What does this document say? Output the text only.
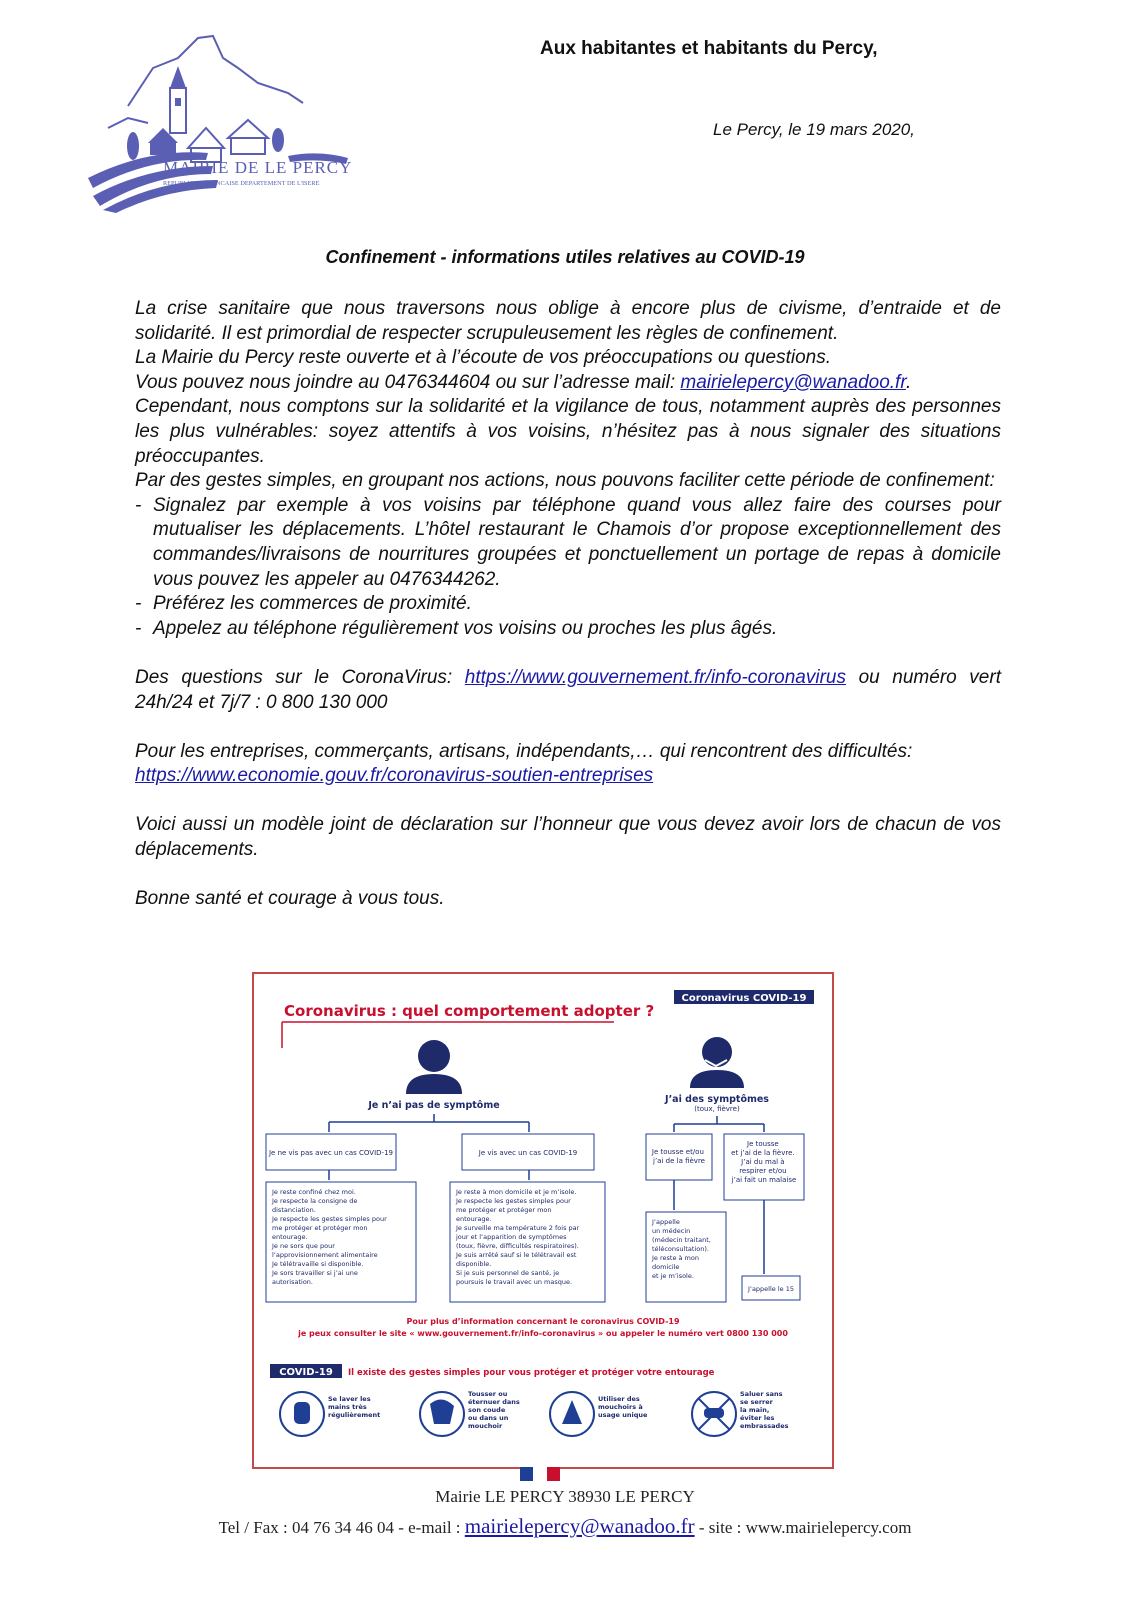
MAIRIE DE LE PERCY
REPUBLIQUE FRANCAISE DEPARTEMENT DE L'ISERE
Aux habitantes et habitants du Percy,
Le Percy, le 19 mars 2020,
Confinement - informations utiles relatives au COVID-19

La crise sanitaire que nous traversons nous oblige à encore plus de civisme, d’entraide et de solidarité. Il est primordial de respecter scrupuleusement les règles de confinement.

La Mairie du Percy reste ouverte et à l’écoute de vos préoccupations ou questions.

Vous pouvez nous joindre au 0476344604 ou sur l’adresse mail: mairielepercy@wanadoo.fr.

Cependant, nous comptons sur la solidarité et la vigilance de tous, notamment auprès des personnes les plus vulnérables: soyez attentifs à vos voisins, n’hésitez pas à nous signaler des situations préoccupantes.

Par des gestes simples, en groupant nos actions, nous pouvons faciliter cette période de confinement:

- Signalez par exemple à vos voisins par téléphone quand vous allez faire des courses pour mutualiser les déplacements. L’hôtel restaurant le Chamois d’or propose exceptionnellement des commandes/livraisons de nourritures groupées et ponctuellement un portage de repas à domicile vous pouvez les appeler au 0476344262.
- Préférez les commerces de proximité.
- Appelez au téléphone régulièrement vos voisins ou proches les plus âgés.

Des questions sur le CoronaVirus: https://www.gouvernement.fr/info-coronavirus ou numéro vert 24h/24 et 7j/7 : 0 800 130 000

Pour les entreprises, commerçants, artisans, indépendants,… qui rencontrent des difficultés:

https://www.economie.gouv.fr/coronavirus-soutien-entreprises

Voici aussi un modèle joint de déclaration sur l’honneur que vous devez avoir lors de chacun de vos déplacements.

Bonne santé et courage à vous tous.

Coronavirus COVID-19
Coronavirus : quel comportement adopter ?
Je n’ai pas de symptôme
J’ai des symptômes
(toux, fièvre)
Je ne vis pas avec un cas COVID-19	Je vis avec un cas COVID-19	Je tousse et/ou j’ai de la fièvre
Je tousse et j’ai de la fièvre. J’ai du mal à respirer et/ou j’ai fait un malaise
Je reste confiné chez moi. Je respecte la consigne de distanciation. Je respecte les gestes simples pour me protéger et protéger mon entourage. Je ne sors que pour l’approvisionnement alimentaire Je télétravaille si disponible. Je sors travailler si j’ai une autorisation.
Je reste à mon domicile et je m’isole. Je respecte les gestes simples pour me protéger et protéger mon entourage. Je surveille ma température 2 fois par jour et l’apparition de symptômes (toux, fièvre, difficultés respiratoires). Je suis arrêté sauf si le télétravail est disponible. Si je suis personnel de santé, je poursuis le travail avec un masque.
J’appelle un médecin (médecin traitant, téléconsultation). Je reste à mon domicile et je m’isole.
J’appelle le 15
Pour plus d’information concernant le coronavirus COVID-19
je peux consulter le site « www.gouvernement.fr/info-coronavirus » ou appeler le numéro vert 0800 130 000
COVID-19 Il existe des gestes simples pour vous protéger et protéger votre entourage
Se laver les mains très régulièrement
Tousser ou éternuer dans son coude ou dans un mouchoir
Utiliser des mouchoirs à usage unique
Saluer sans se serrer la main, éviter les embrassades
Mairie LE PERCY 38930 LE PERCY
Tel / Fax : 04 76 34 46 04 - e-mail : mairielepercy@wanadoo.fr - site : www.mairielepercy.com
